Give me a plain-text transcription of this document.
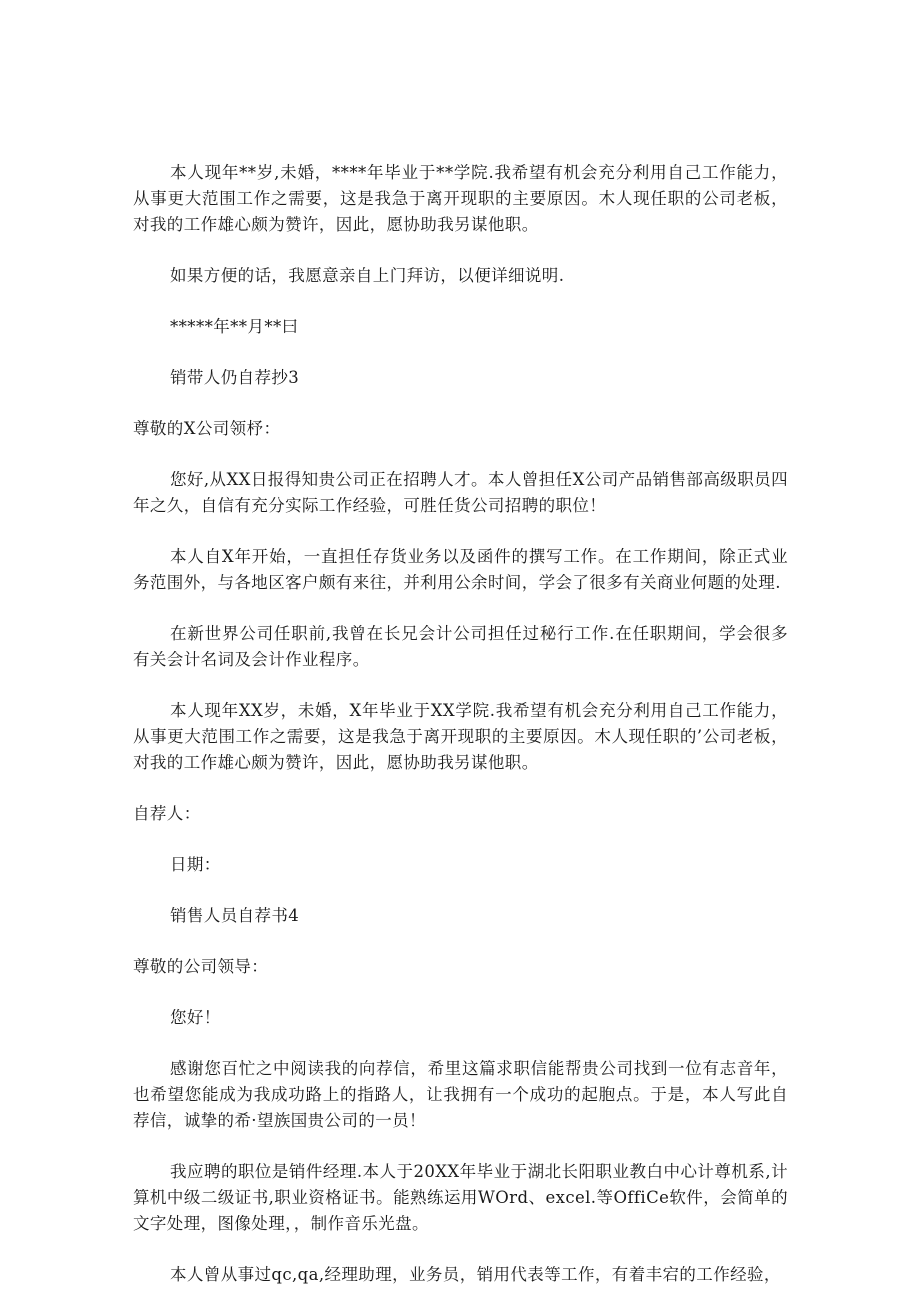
本人现年**岁,未婚，****年毕业于**学院.我希望有机会充分利用自己工作能力，从事更大范围工作之需要，这是我急于离开现职的主要原因。木人现任职的公司老板，对我的工作雄心颇为赞许，因此，愿协助我另谋他职。

如果方便的话，我愿意亲自上门拜访，以便详细说明.

*****年**月**曰

销带人仍自荐抄3

尊敬的X公司领杼：

您好,从XX日报得知贵公司正在招聘人才。本人曾担任X公司产品销售部高级职员四年之久，自信有充分实际工作经验，可胜任货公司招聘的职位！

本人自X年开始，一直担任存货业务以及函件的撰写工作。在工作期间，除正式业务范围外，与各地区客户颇有来往，并利用公余时间，学会了很多有关商业何题的处理.

在新世界公司任职前,我曾在长兄会计公司担任过秘行工作.在任职期间，学会很多有关会计名词及会计作业程序。

本人现年XX岁，未婚，X年毕业于XX学院.我希望有机会充分利用自己工作能力，从事更大范围工作之需要，这是我急于离开现职的主要原因。木人现任职的’公司老板，对我的工作雄心颇为赞许，因此，愿协助我另谋他职。

自荐人：

日期：

销售人员自荐书4

尊敬的公司领导：

您好！

感谢您百忙之中阅读我的向荐信，希里这篇求职信能帮贵公司找到一位有志音年，也希望您能成为我成功路上的指路人，让我拥有一个成功的起胞点。于是，本人写此自荐信，诚挚的希·望族国贵公司的一员！

我应聘的职位是销件经理.本人于20XX年毕业于湖北长阳职业教白中心计尊机系,计算机中级二级证书,职业资格证书。能熟练运用WOrd、excel.等OffiCe软件，会简单的文字处理，图像处理，，制作音乐光盘。

本人曾从事过qc,qa,经理助理，业务员，销用代表等工作，有着丰宕的工作经验，
